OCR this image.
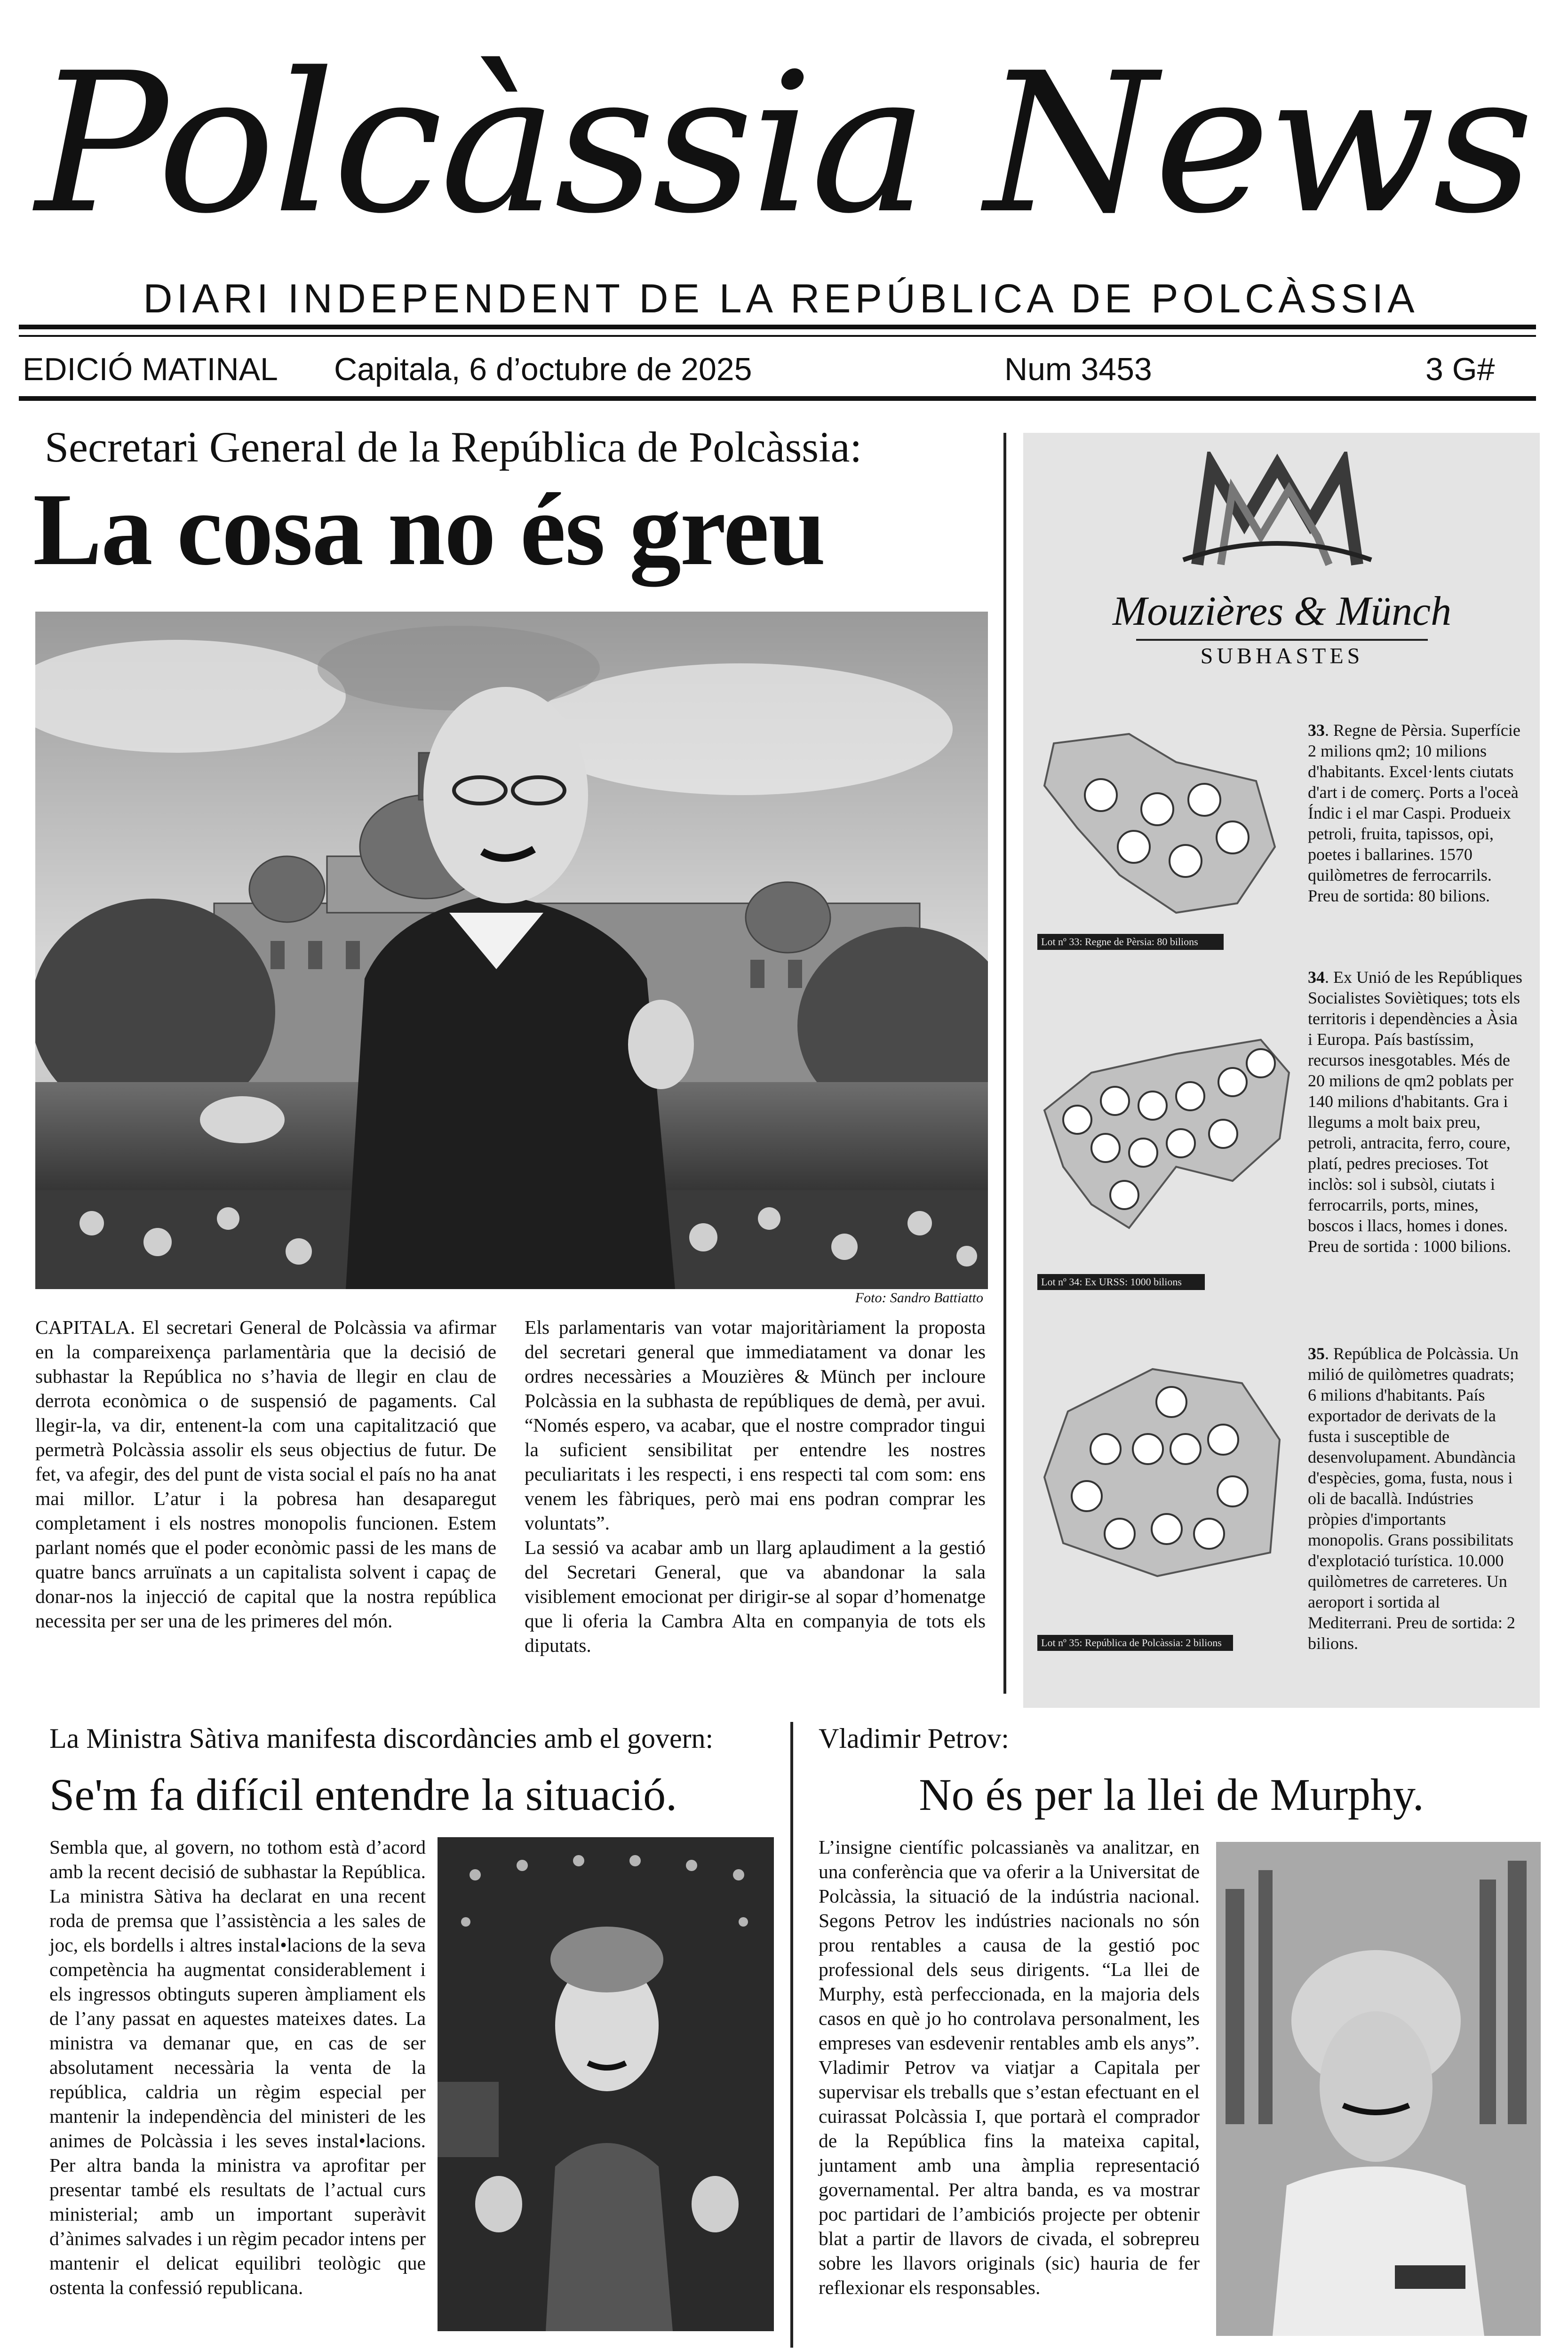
Polcàssia News
DIARI INDEPENDENT DE LA REPÚBLICA DE POLCÀSSIA
EDICIÓ MATINAL Capitala, 6 d’octubre de 2025	Num 3453	3 G#
Secretari General de la República de Polcàssia:
La cosa no és greu
Foto: Sandro Battiatto
CAPITALA. El secretari General de Polcàssia va afirmar en la compareixença parlamentària que la decisió de subhastar la República no s’havia de llegir en clau de derrota econòmica o de suspensió de pagaments. Cal llegir-la, va dir, entenent-la com una capitalització que permetrà Polcàssia assolir els seus objectius de futur. De fet, va afegir, des del punt de vista social el país no ha anat mai millor. L’atur i la pobresa han desaparegut completament i els nostres monopolis funcionen. Estem parlant només que el poder econòmic passi de les mans de quatre bancs arruïnats a un capitalista solvent i capaç de donar-nos la injecció de capital que la nostra república necessita per ser una de les primeres del món.
Els parlamentaris van votar majoritàriament la proposta del secretari general que immediatament va donar les ordres necessàries a Mouzières & Münch per incloure Polcàssia en la subhasta de repúbliques de demà, per avui. “Només espero, va acabar, que el nostre comprador tingui la suficient sensibilitat per entendre les nostres peculiaritats i les respecti, i ens respecti tal com som: ens venem les fàbriques, però mai ens podran comprar les voluntats”.
La sessió va acabar amb un llarg aplaudiment a la gestió del Secretari General, que va abandonar la sala visiblement emocionat per dirigir-se al sopar d’homenatge que li oferia la Cambra Alta en companyia de tots els diputats.
Mouzières & Münch
SUBHASTES
Lot nº 33: Regne de Pèrsia: 80 bilions
33. Regne de Pèrsia. Superfície 2 milions qm2; 10 milions d'habitants. Excel·lents ciutats d'art i de comerç. Ports a l'oceà Índic i el mar Caspi. Produeix petroli, fruita, tapissos, opi, poetes i ballarines. 1570 quilòmetres de ferrocarrils. Preu de sortida: 80 bilions.
Lot nº 34: Ex URSS: 1000 bilions
34. Ex Unió de les Repúbliques Socialistes Soviètiques; tots els territoris i dependències a Àsia i Europa. País bastíssim, recursos inesgotables. Més de 20 milions de qm2 poblats per 140 milions d'habitants. Gra i llegums a molt baix preu, petroli, antracita, ferro, coure, platí, pedres precioses. Tot inclòs: sol i subsòl, ciutats i ferrocarrils, ports, mines, boscos i llacs, homes i dones. Preu de sortida : 1000 bilions.
Lot nº 35: República de Polcàssia: 2 bilions
35. República de Polcàssia. Un milió de quilòmetres quadrats; 6 milions d'habitants. País exportador de derivats de la fusta i susceptible de desenvolupament. Abundància d'espècies, goma, fusta, nous i oli de bacallà. Indústries pròpies d'importants monopolis. Grans possibilitats d'explotació turística. 10.000 quilòmetres de carreteres. Un aeroport i sortida al Mediterrani. Preu de sortida: 2 bilions.
La Ministra Sàtiva manifesta discordàncies amb el govern:
Se'm fa difícil entendre la situació.
Sembla que, al govern, no tothom està d’acord amb la recent decisió de subhastar la República. La ministra Sàtiva ha declarat en una recent roda de premsa que l’assistència a les sales de joc, els bordells i altres instal•lacions de la seva competència ha augmentat considerablement i els ingressos obtinguts superen àmpliament els de l’any passat en aquestes mateixes dates. La ministra va demanar que, en cas de ser absolutament necessària la venta de la república, caldria un règim especial per mantenir la independència del ministeri de les animes de Polcàssia i les seves instal•lacions. Per altra banda la ministra va aprofitar per presentar també els resultats de l’actual curs ministerial; amb un important superàvit d’ànimes salvades i un règim pecador intens per mantenir el delicat equilibri teològic que ostenta la confessió republicana.
Vladimir Petrov:
No és per la llei de Murphy.
L’insigne científic polcassianès va analitzar, en una conferència que va oferir a la Universitat de Polcàssia, la situació de la indústria nacional. Segons Petrov les indústries nacionals no són prou rentables a causa de la gestió poc professional dels seus dirigents. “La llei de Murphy, està perfeccionada, en la majoria dels casos en què jo ho controlava personalment, les empreses van esdevenir rentables amb els anys”. Vladimir Petrov va viatjar a Capitala per supervisar els treballs que s’estan efectuant en el cuirassat Polcàssia I, que portarà el comprador de la República fins la mateixa capital, juntament amb una àmplia representació governamental. Per altra banda, es va mostrar poc partidari de l’ambiciós projecte per obtenir blat a partir de llavors de civada, el sobrepreu sobre les llavors originals (sic) hauria de fer reflexionar els responsables.
